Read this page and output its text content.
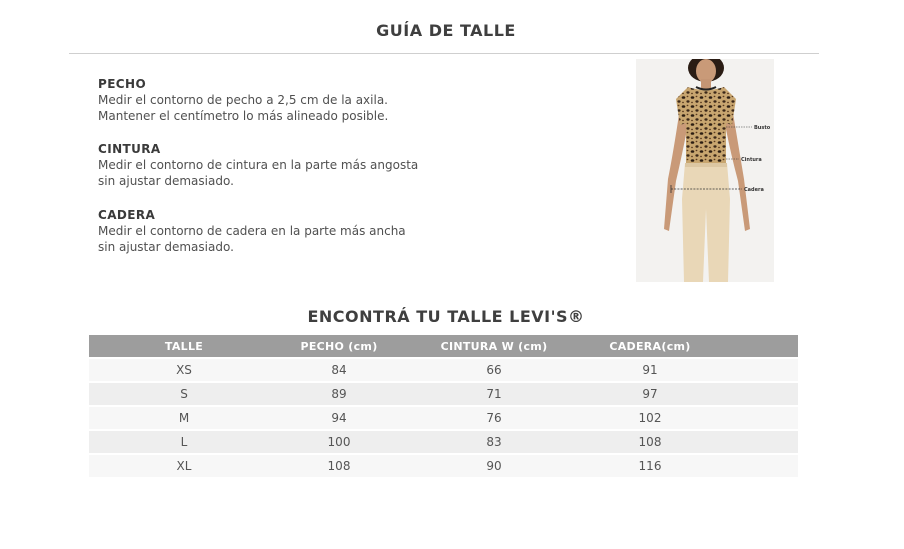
GUÍA DE TALLE
PECHO

Medir el contorno de pecho a 2,5 cm de la axila.

Mantener el centímetro lo más alineado posible.

CINTURA

Medir el contorno de cintura en la parte más angosta

sin ajustar demasiado.

CADERA

Medir el contorno de cadera en la parte más ancha

sin ajustar demasiado.

Busto
Cintura
Cadera
ENCONTRÁ TU TALLE LEVI'S®
TALLE	PECHO (cm)	CINTURA W (cm)	CADERA(cm)
XS	84	66	91
S	89	71	97
M	94	76	102
L	100	83	108
XL	108	90	116
